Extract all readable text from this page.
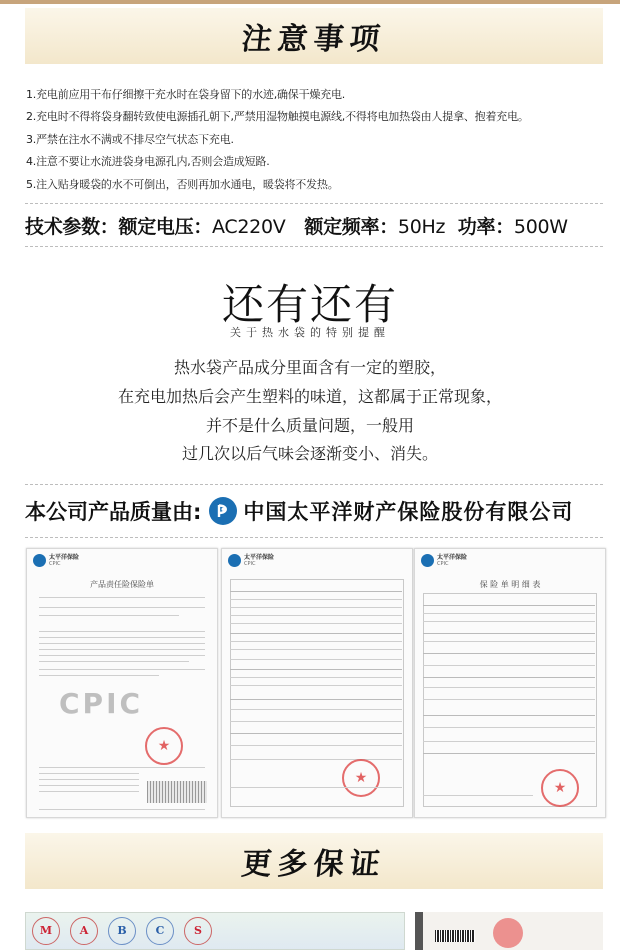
注意事项
1.充电前应用干布仔细擦干充水时在袋身留下的水迹,确保干燥充电.
2.充电时不得将袋身翻转致使电源插孔朝下,严禁用湿物触摸电源线,不得将电加热袋由人提拿、抱着充电。
3.严禁在注水不满或不排尽空气状态下充电.
4.注意不要让水流进袋身电源孔内,否则会造成短路.
5.注入贴身暖袋的水不可倒出，否则再加水通电，暖袋将不发热。
技术参数：额定电压：AC220V 额定频率：50Hz 功率：500W
还有还有
关于热水袋的特别提醒
热水袋产品成分里面含有一定的塑胶，
在充电加热后会产生塑料的味道，这都属于正常现象，
并不是什么质量问题，一般用
过几次以后气味会逐渐变小、消失。
本公司产品质量由: 中国太平洋财产保险股份有限公司
太平洋保险
CPIC
产品责任险保险单
CPIC
★
太平洋保险
CPIC
★
太平洋保险
CPIC
保 险 单 明 细 表
★
更多保证
M	A	B	C	S
